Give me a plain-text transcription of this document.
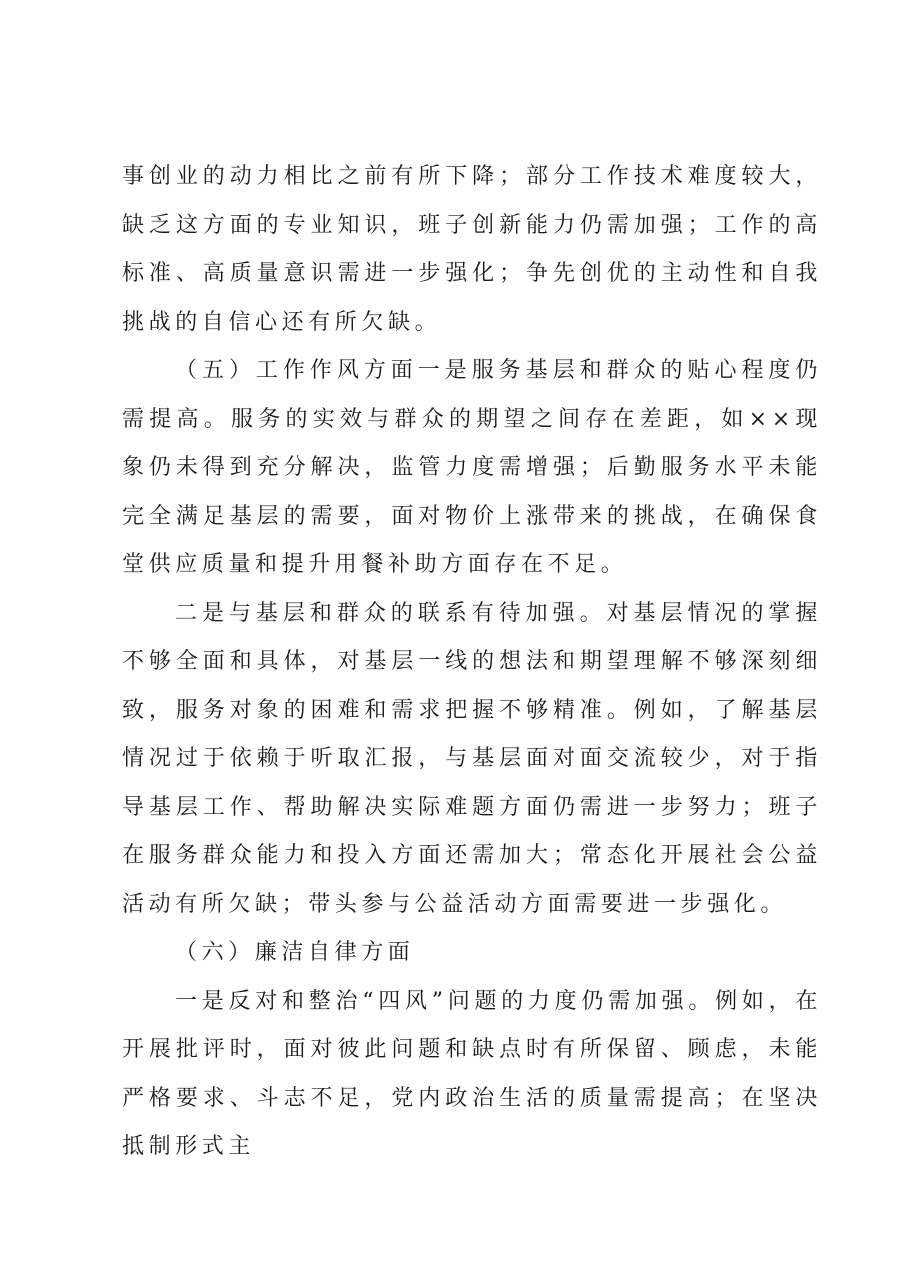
事创业的动力相比之前有所下降；部分工作技术难度较大，缺乏这方面的专业知识，班子创新能力仍需加强；工作的高标准、高质量意识需进一步强化；争先创优的主动性和自我挑战的自信心还有所欠缺。

（五）工作作风方面一是服务基层和群众的贴心程度仍需提高。服务的实效与群众的期望之间存在差距，如××现象仍未得到充分解决，监管力度需增强；后勤服务水平未能完全满足基层的需要，面对物价上涨带来的挑战，在确保食堂供应质量和提升用餐补助方面存在不足。

二是与基层和群众的联系有待加强。对基层情况的掌握不够全面和具体，对基层一线的想法和期望理解不够深刻细致，服务对象的困难和需求把握不够精准。例如，了解基层情况过于依赖于听取汇报，与基层面对面交流较少，对于指导基层工作、帮助解决实际难题方面仍需进一步努力；班子在服务群众能力和投入方面还需加大；常态化开展社会公益活动有所欠缺；带头参与公益活动方面需要进一步强化。

（六）廉洁自律方面

一是反对和整治“四风”问题的力度仍需加强。例如，在开展批评时，面对彼此问题和缺点时有所保留、顾虑，未能严格要求、斗志不足，党内政治生活的质量需提高；在坚决抵制形式主
